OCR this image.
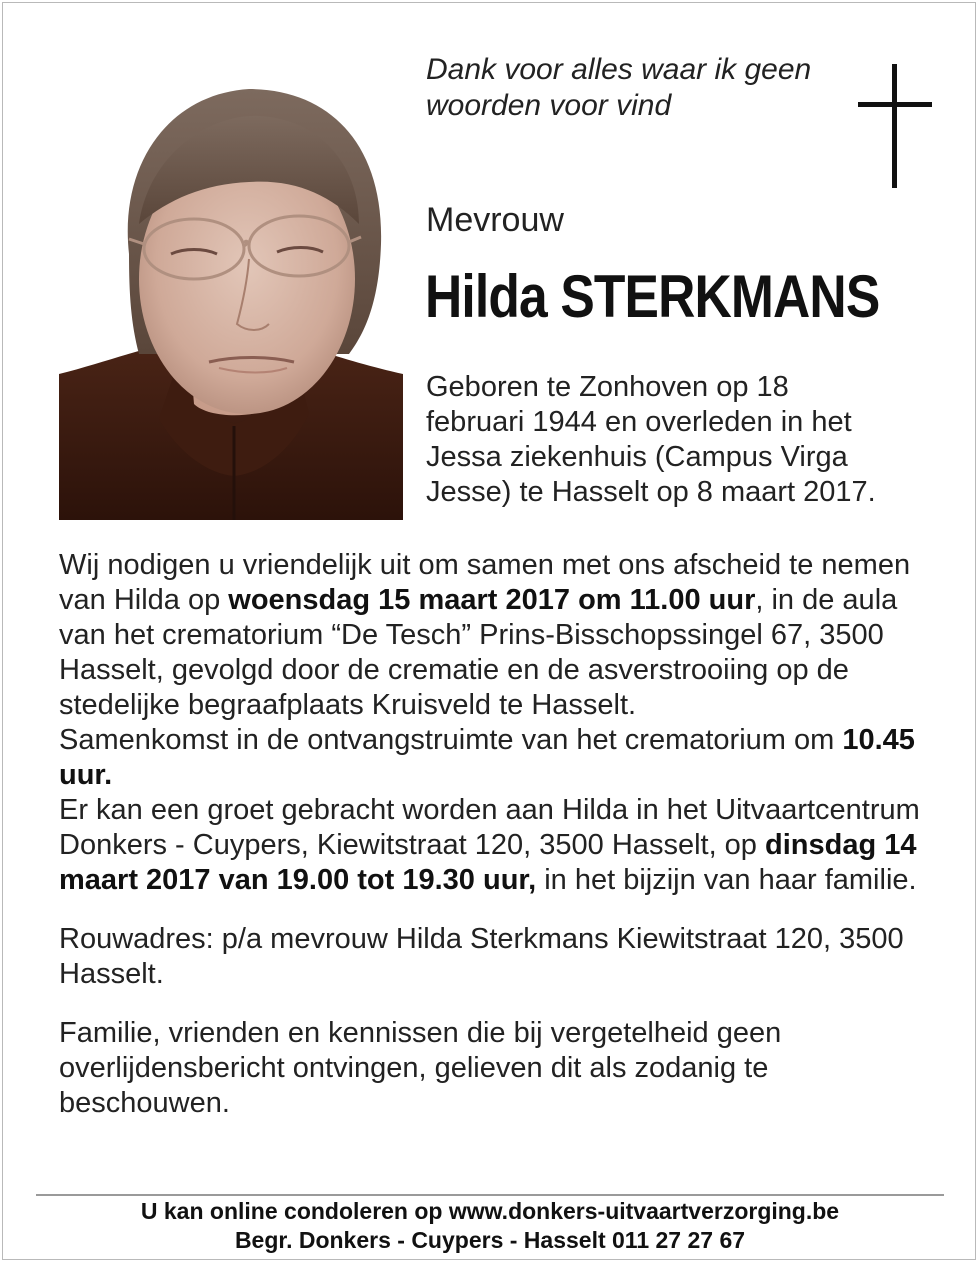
Dank voor alles waar ik geen
woorden voor vind
Mevrouw
Hilda STERKMANS
Geboren te Zonhoven op 18
februari 1944 en overleden in het
Jessa ziekenhuis (Campus Virga
Jesse) te Hasselt op 8 maart 2017.

Wij nodigen u vriendelijk uit om samen met ons afscheid te nemen van Hilda op woensdag 15 maart 2017 om 11.00 uur, in de aula van het crematorium “De Tesch” Prins-Bisschopssingel 67, 3500 Hasselt, gevolgd door de crematie en de asverstrooiing op de stedelijke begraafplaats Kruisveld te Hasselt.

Samenkomst in de ontvangstruimte van het crematorium om 10.45 uur.

Er kan een groet gebracht worden aan Hilda in het Uitvaartcentrum Donkers - Cuypers, Kiewitstraat 120, 3500 Hasselt, op dinsdag 14 maart 2017 van 19.00 tot 19.30 uur, in het bijzijn van haar familie.

Rouwadres: p/a mevrouw Hilda Sterkmans Kiewitstraat 120, 3500 Hasselt.

Familie, vrienden en kennissen die bij vergetelheid geen overlijdensbericht ontvingen, gelieven dit als zodanig te beschouwen.

U kan online condoleren op www.donkers-uitvaartverzorging.be
Begr. Donkers - Cuypers - Hasselt 011 27 27 67
